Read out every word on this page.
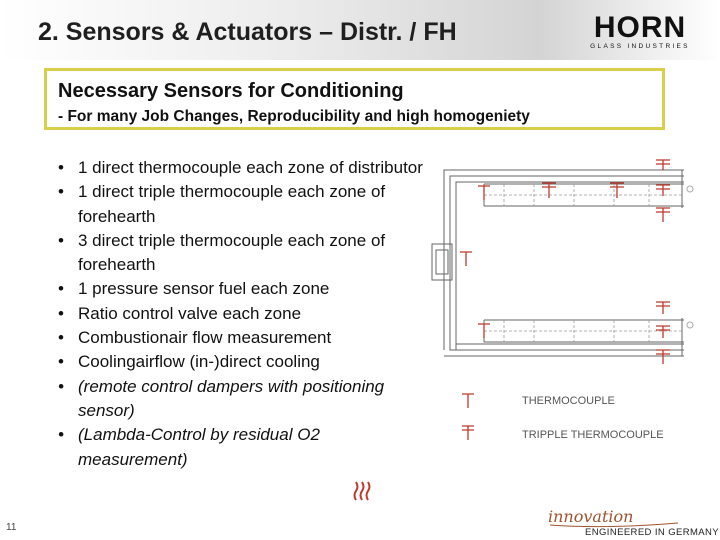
2. Sensors & Actuators – Distr. / FH	HORN
GLASS INDUSTRIES
Necessary Sensors for Conditioning
- For many Job Changes, Reproducibility and high homogeniety
• 1 direct thermocouple each zone of distributor
• 1 direct triple thermocouple each zone of forehearth
• 3 direct triple thermocouple each zone of forehearth
• 1 pressure sensor fuel each zone
• Ratio control valve each zone
• Combustionair flow measurement
• Coolingairflow (in-)direct cooling
• (remote control dampers with positioning sensor)
• (Lambda-Control by residual O2 measurement)
THERMOCOUPLE
TRIPPLE THERMOCOUPLE
11
innovation
ENGINEERED IN GERMANY
